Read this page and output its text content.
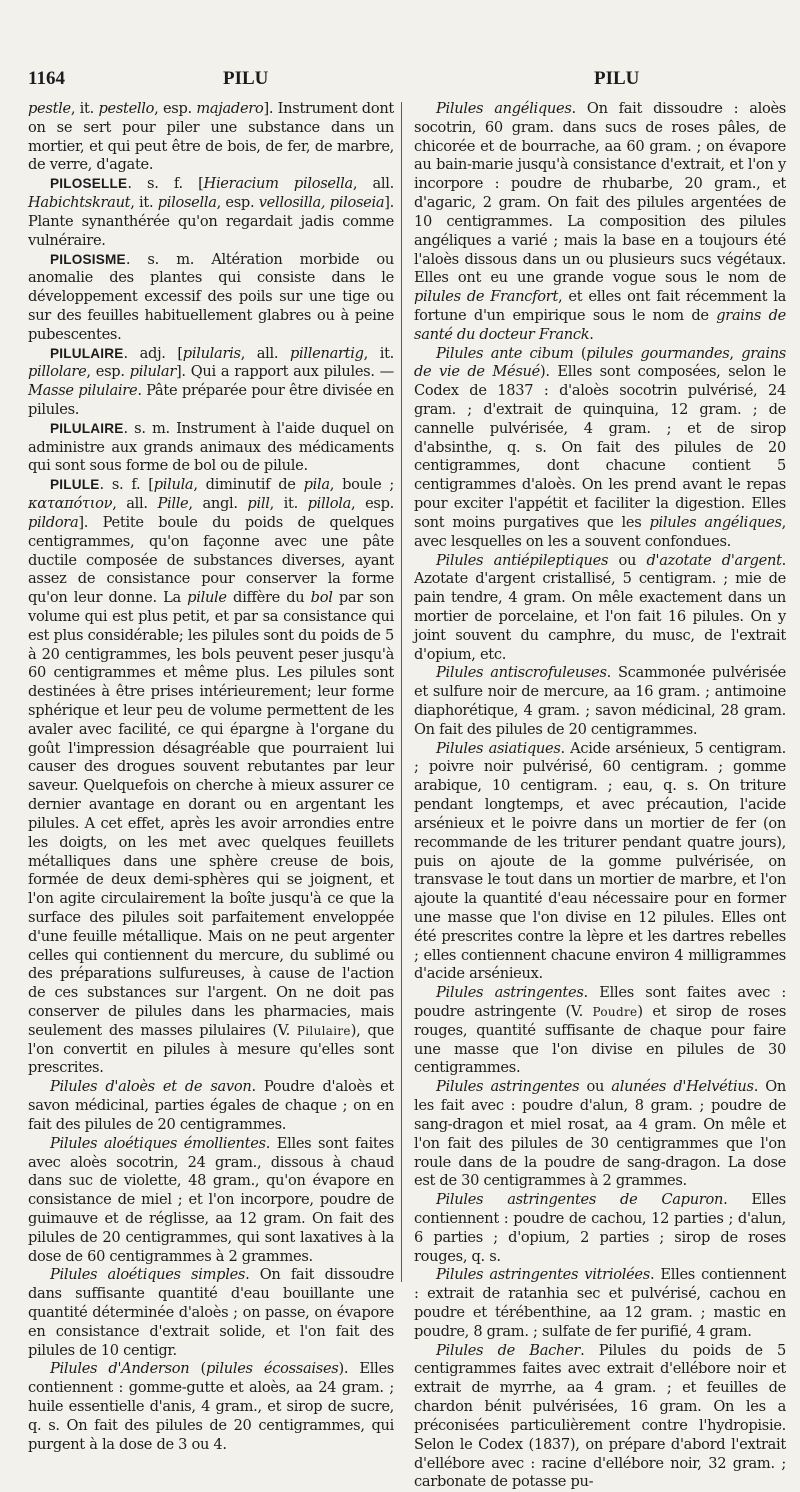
1164	PILU	PILU

pestle, it. pestello, esp. majadero]. Instrument dont on se sert pour piler une substance dans un mortier, et qui peut être de bois, de fer, de marbre, de verre, d'agate.

PILOSELLE. s. f. [Hieracium pilosella, all. Habichtskraut, it. pilosella, esp. vellosilla, piloseia]. Plante synanthérée qu'on regardait jadis comme vulnéraire.

PILOSISME. s. m. Altération morbide ou anomalie des plantes qui consiste dans le développement excessif des poils sur une tige ou sur des feuilles habituellement glabres ou à peine pubescentes.

PILULAIRE. adj. [pilularis, all. pillenartig, it. pillolare, esp. pilular]. Qui a rapport aux pilules. — Masse pilulaire. Pâte préparée pour être divisée en pilules.

PILULAIRE. s. m. Instrument à l'aide duquel on administre aux grands animaux des médicaments qui sont sous forme de bol ou de pilule.

PILULE. s. f. [pilula, diminutif de pila, boule ; καταπότιον, all. Pille, angl. pill, it. pillola, esp. pildora]. Petite boule du poids de quelques centigrammes, qu'on façonne avec une pâte ductile composée de substances diverses, ayant assez de consistance pour conserver la forme qu'on leur donne. La pilule diffère du bol par son volume qui est plus petit, et par sa consistance qui est plus considérable; les pilules sont du poids de 5 à 20 centigrammes, les bols peuvent peser jusqu'à 60 centigrammes et même plus. Les pilules sont destinées à être prises intérieurement; leur forme sphérique et leur peu de volume permettent de les avaler avec facilité, ce qui épargne à l'organe du goût l'impression désagréable que pourraient lui causer des drogues souvent rebutantes par leur saveur. Quelquefois on cherche à mieux assurer ce dernier avantage en dorant ou en argentant les pilules. A cet effet, après les avoir arrondies entre les doigts, on les met avec quelques feuillets métalliques dans une sphère creuse de bois, formée de deux demi-sphères qui se joignent, et l'on agite circulairement la boîte jusqu'à ce que la surface des pilules soit parfaitement enveloppée d'une feuille métallique. Mais on ne peut argenter celles qui contiennent du mercure, du sublimé ou des préparations sulfureuses, à cause de l'action de ces substances sur l'argent. On ne doit pas conserver de pilules dans les pharmacies, mais seulement des masses pilulaires (V. Pilulaire), que l'on convertit en pilules à mesure qu'elles sont prescrites.

Pilules d'aloès et de savon. Poudre d'aloès et savon médicinal, parties égales de chaque ; on en fait des pilules de 20 centigrammes.

Pilules aloétiques émollientes. Elles sont faites avec aloès socotrin, 24 gram., dissous à chaud dans suc de violette, 48 gram., qu'on évapore en consistance de miel ; et l'on incorpore, poudre de guimauve et de réglisse, aa 12 gram. On fait des pilules de 20 centigrammes, qui sont laxatives à la dose de 60 centigrammes à 2 grammes.

Pilules aloétiques simples. On fait dissoudre dans suffisante quantité d'eau bouillante une quantité déterminée d'aloès ; on passe, on évapore en consistance d'extrait solide, et l'on fait des pilules de 10 centigr.

Pilules d'Anderson (pilules écossaises). Elles contiennent : gomme-gutte et aloès, aa 24 gram. ; huile essentielle d'anis, 4 gram., et sirop de sucre, q. s. On fait des pilules de 20 centigrammes, qui purgent à la dose de 3 ou 4.

Pilules angéliques. On fait dissoudre : aloès socotrin, 60 gram. dans sucs de roses pâles, de chicorée et de bourrache, aa 60 gram. ; on évapore au bain-marie jusqu'à consistance d'extrait, et l'on y incorpore : poudre de rhubarbe, 20 gram., et d'agaric, 2 gram. On fait des pilules argentées de 10 centigrammes. La composition des pilules angéliques a varié ; mais la base en a toujours été l'aloès dissous dans un ou plusieurs sucs végétaux. Elles ont eu une grande vogue sous le nom de pilules de Francfort, et elles ont fait récemment la fortune d'un empirique sous le nom de grains de santé du docteur Franck.

Pilules ante cibum (pilules gourmandes, grains de vie de Mésué). Elles sont composées, selon le Codex de 1837 : d'aloès socotrin pulvérisé, 24 gram. ; d'extrait de quinquina, 12 gram. ; de cannelle pulvérisée, 4 gram. ; et de sirop d'absinthe, q. s. On fait des pilules de 20 centigrammes, dont chacune contient 5 centigrammes d'aloès. On les prend avant le repas pour exciter l'appétit et faciliter la digestion. Elles sont moins purgatives que les pilules angéliques, avec lesquelles on les a souvent confondues.

Pilules antiépileptiques ou d'azotate d'argent. Azotate d'argent cristallisé, 5 centigram. ; mie de pain tendre, 4 gram. On mêle exactement dans un mortier de porcelaine, et l'on fait 16 pilules. On y joint souvent du camphre, du musc, de l'extrait d'opium, etc.

Pilules antiscrofuleuses. Scammonée pulvérisée et sulfure noir de mercure, aa 16 gram. ; antimoine diaphorétique, 4 gram. ; savon médicinal, 28 gram. On fait des pilules de 20 centigrammes.

Pilules asiatiques. Acide arsénieux, 5 centigram. ; poivre noir pulvérisé, 60 centigram. ; gomme arabique, 10 centigram. ; eau, q. s. On triture pendant longtemps, et avec précaution, l'acide arsénieux et le poivre dans un mortier de fer (on recommande de les triturer pendant quatre jours), puis on ajoute de la gomme pulvérisée, on transvase le tout dans un mortier de marbre, et l'on ajoute la quantité d'eau nécessaire pour en former une masse que l'on divise en 12 pilules. Elles ont été prescrites contre la lèpre et les dartres rebelles ; elles contiennent chacune environ 4 milligrammes d'acide arsénieux.

Pilules astringentes. Elles sont faites avec : poudre astringente (V. Poudre) et sirop de roses rouges, quantité suffisante de chaque pour faire une masse que l'on divise en pilules de 30 centigrammes.

Pilules astringentes ou alunées d'Helvétius. On les fait avec : poudre d'alun, 8 gram. ; poudre de sang-dragon et miel rosat, aa 4 gram. On mêle et l'on fait des pilules de 30 centigrammes que l'on roule dans de la poudre de sang-dragon. La dose est de 30 centigrammes à 2 grammes.

Pilules astringentes de Capuron. Elles contiennent : poudre de cachou, 12 parties ; d'alun, 6 parties ; d'opium, 2 parties ; sirop de roses rouges, q. s.

Pilules astringentes vitriolées. Elles contiennent : extrait de ratanhia sec et pulvérisé, cachou en poudre et térébenthine, aa 12 gram. ; mastic en poudre, 8 gram. ; sulfate de fer purifié, 4 gram.

Pilules de Bacher. Pilules du poids de 5 centigrammes faites avec extrait d'ellébore noir et extrait de myrrhe, aa 4 gram. ; et feuilles de chardon bénit pulvérisées, 16 gram. On les a préconisées particulièrement contre l'hydropisie. Selon le Codex (1837), on prépare d'abord l'extrait d'ellébore avec : racine d'ellébore noir, 32 gram. ; carbonate de potasse pu-
